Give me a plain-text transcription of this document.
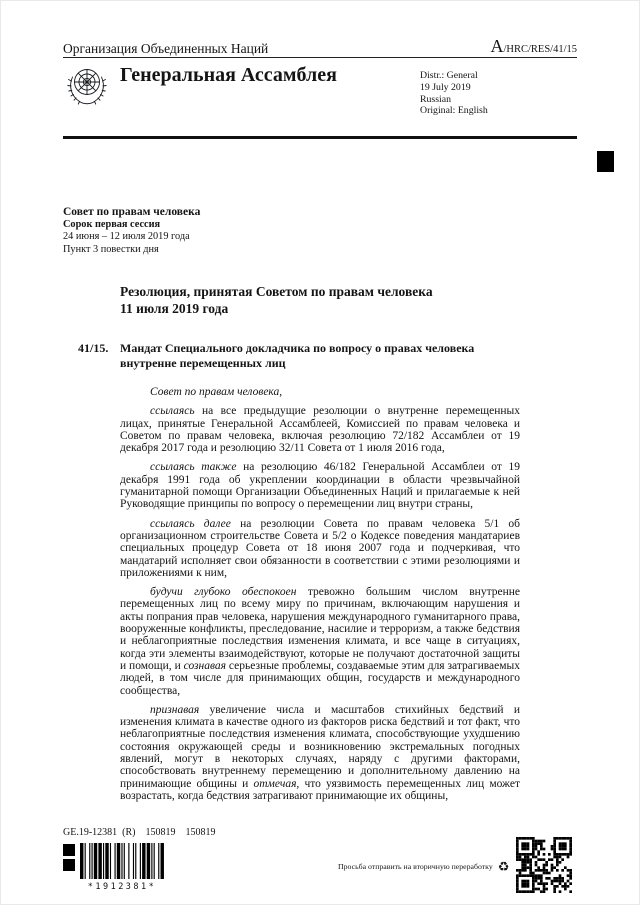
Организация Объединенных Наций	A/HRC/RES/41/15
Генеральная Ассамблея	Distr.: General
19 July 2019
Russian
Original: English
Совет по правам человека
Сорок первая сессия
24 июня – 12 июля 2019 года
Пункт 3 повестки дня
Резолюция, принятая Советом по правам человека
11 июля 2019 года
41/15. Мандат Специального докладчика по вопросу о правах человека внутренне перемещенных лиц

Совет по правам человека,

ссылаясь на все предыдущие резолюции о внутренне перемещенных лицах, принятые Генеральной Ассамблеей, Комиссией по правам человека и Советом по правам человека, включая резолюцию 72/182 Ассамблеи от 19 декабря 2017 года и резолюцию 32/11 Совета от 1 июля 2016 года,

ссылаясь также на резолюцию 46/182 Генеральной Ассамблеи от 19 декабря 1991 года об укреплении координации в области чрезвычайной гуманитарной помощи Организации Объединенных Наций и прилагаемые к ней Руководящие принципы по вопросу о перемещении лиц внутри страны,

ссылаясь далее на резолюции Совета по правам человека 5/1 об организационном строительстве Совета и 5/2 о Кодексе поведения мандатариев специальных процедур Совета от 18 июня 2007 года и подчеркивая, что мандатарий исполняет свои обязанности в соответствии с этими резолюциями и приложениями к ним,

будучи глубоко обеспокоен тревожно большим числом внутренне перемещенных лиц по всему миру по причинам, включающим нарушения и акты попрания прав человека, нарушения международного гуманитарного права, вооруженные конфликты, преследование, насилие и терроризм, а также бедствия и неблагоприятные последствия изменения климата, и все чаще в ситуациях, когда эти элементы взаимодействуют, которые не получают достаточной защиты и помощи, и сознавая серьезные проблемы, создаваемые этим для затрагиваемых людей, в том числе для принимающих общин, государств и международного сообщества,

признавая увеличение числа и масштабов стихийных бедствий и изменения климата в качестве одного из факторов риска бедствий и тот факт, что неблагоприятные последствия изменения климата, способствующие ухудшению состояния окружающей среды и возникновению экстремальных погодных явлений, могут в некоторых случаях, наряду с другими факторами, способствовать внутреннему перемещению и дополнительному давлению на принимающие общины и отмечая, что уязвимость перемещенных лиц может возрастать, когда бедствия затрагивают принимающие их общины,

GE.19-12381  (R)    150819    150819
*1912381*
Просьба отправить на вторичную переработку ♻
